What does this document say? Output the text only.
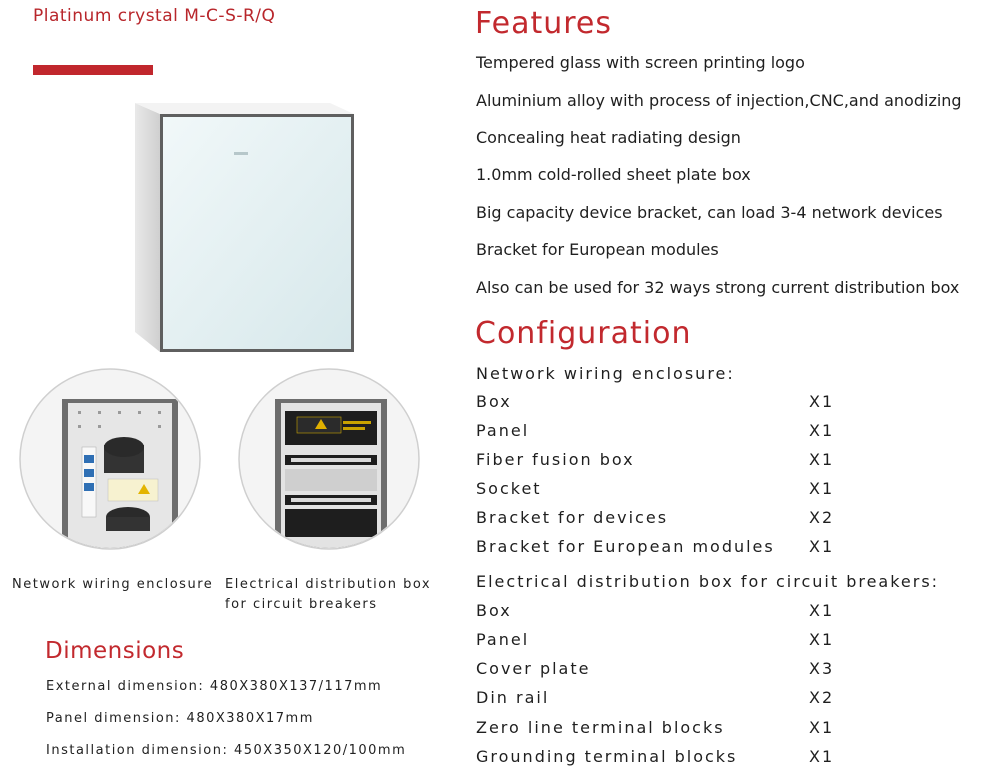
Platinum crystal M-C-S-R/Q
Network wiring enclosure Electrical distribution box
for circuit breakers
Dimensions
External dimension: 480X380X137/117mm
Panel dimension: 480X380X17mm
Installation dimension: 450X350X120/100mm
Features
Tempered glass with screen printing logo
Aluminium alloy with process of injection,CNC,and anodizing
Concealing heat radiating design
1.0mm cold-rolled sheet plate box
Big capacity device bracket, can load 3-4 network devices
Bracket for European modules
Also can be used for 32 ways strong current distribution box
Configuration
Network wiring enclosure:
Box	X1
Panel	X1
Fiber fusion box	X1
Socket	X1
Bracket for devices	X2
Bracket for European modules X1
Electrical distribution box for circuit breakers:
Box	X1
Panel	X1
Cover plate	X3
Din rail	X2
Zero line terminal blocks	X1
Grounding terminal blocks	X1
